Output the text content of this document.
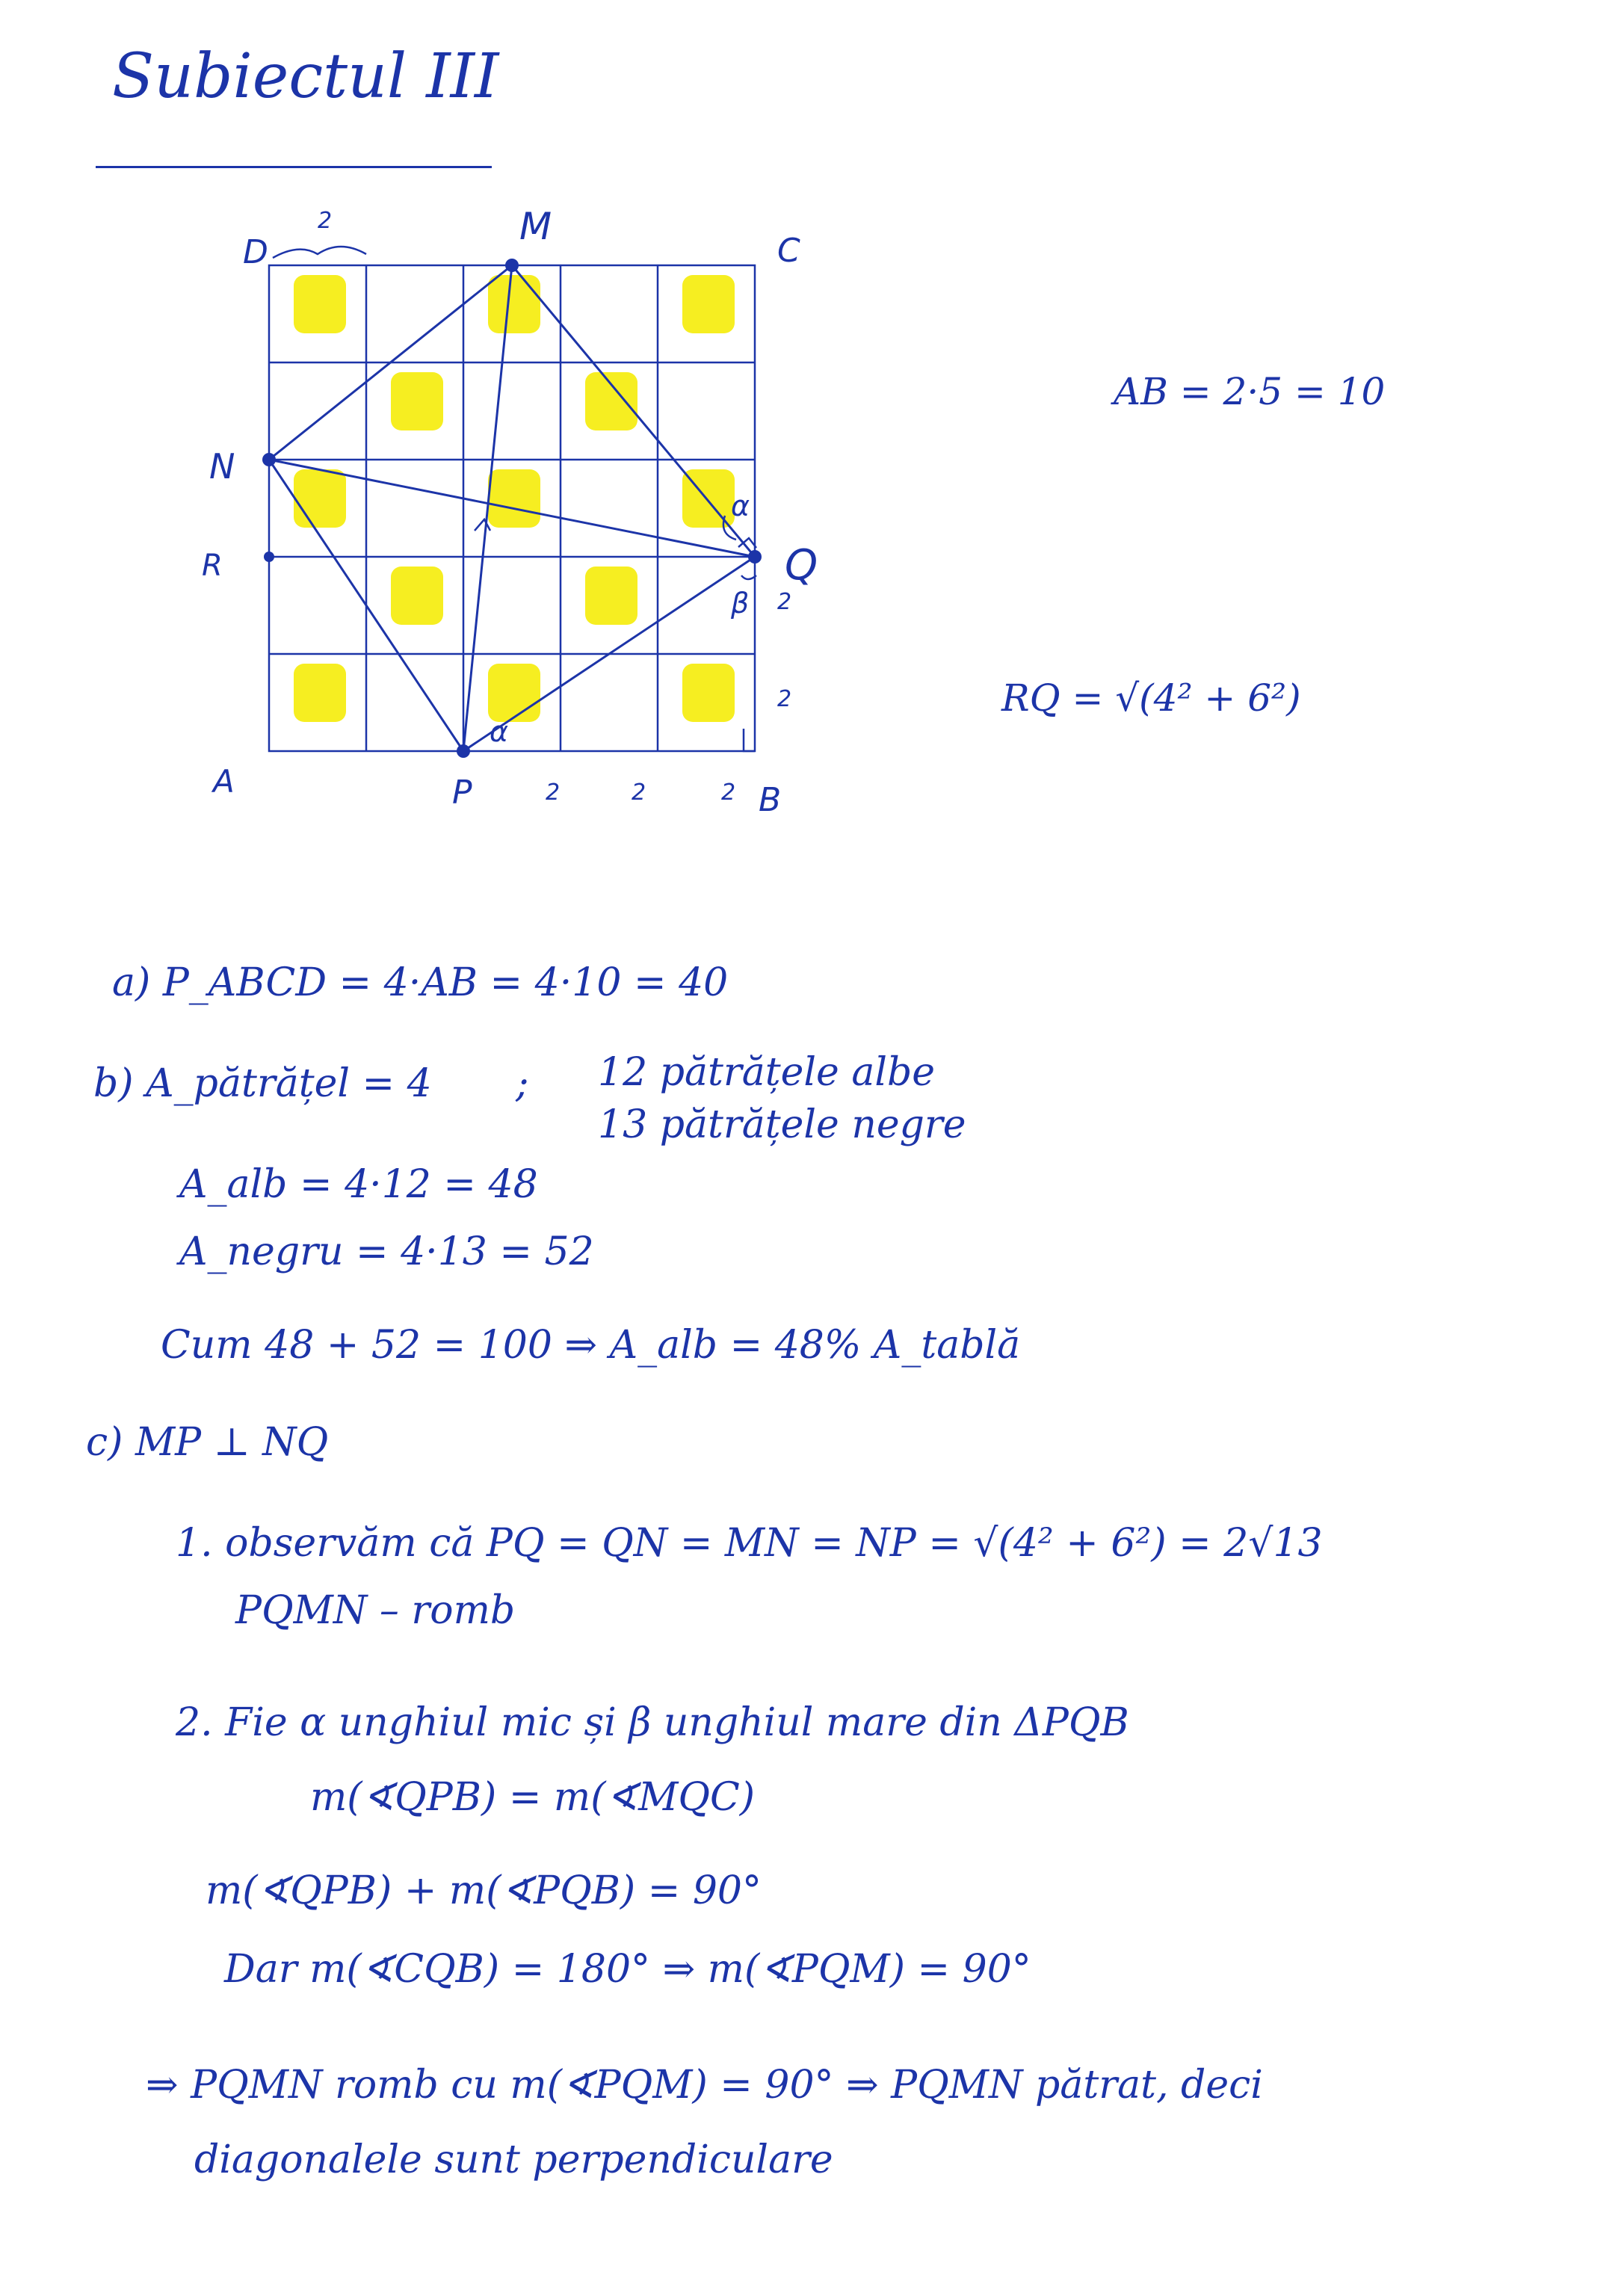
Subiectul III
D
M
C
N
R	Q
A	P	B
2
2	2	2
2
2
α
β
α
AB = 2·5 = 10
RQ = √(4² + 6²)
a) P_ABCD = 4·AB = 4·10 = 40
b) A_pătrățel = 4 ; 12 pătrățele albe
13 pătrățele negre
A_alb = 4·12 = 48
A_negru = 4·13 = 52
Cum 48 + 52 = 100 ⇒ A_alb = 48% A_tablă
c) MP ⊥ NQ
1. observăm că PQ = QN = MN = NP = √(4² + 6²) = 2√13
PQMN – romb
2. Fie α unghiul mic și β unghiul mare din ΔPQB
m(∢QPB) = m(∢MQC)
m(∢QPB) + m(∢PQB) = 90°
Dar m(∢CQB) = 180° ⇒ m(∢PQM) = 90°
⇒ PQMN romb cu m(∢PQM) = 90° ⇒ PQMN pătrat, deci
diagonalele sunt perpendiculare
